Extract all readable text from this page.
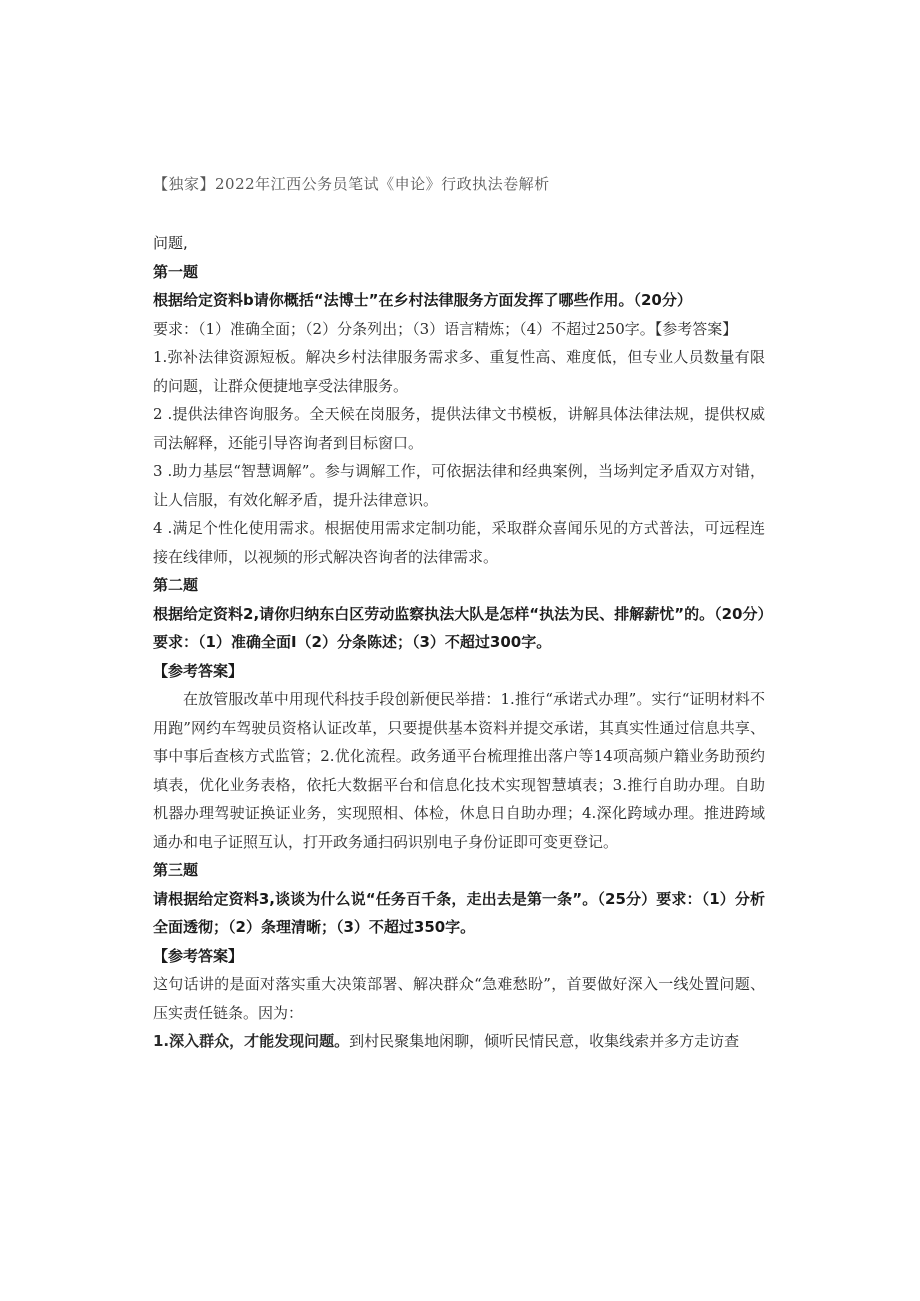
【独家】2022年江西公务员笔试《申论》行政执法卷解析

问题,

第一题

根据给定资料b请你概括“法博士”在乡村法律服务方面发挥了哪些作用。（20分）

要求：（1）准确全面；（2）分条列出；（3）语言精炼；（4）不超过250字。【参考答案】

1.弥补法律资源短板。解决乡村法律服务需求多、重复性高、难度低，但专业人员数量有限的问题，让群众便捷地享受法律服务。

2 .提供法律咨询服务。全天候在岗服务，提供法律文书模板，讲解具体法律法规，提供权威司法解释，还能引导咨询者到目标窗口。

3 .助力基层“智慧调解”。参与调解工作，可依据法律和经典案例，当场判定矛盾双方对错，让人信服，有效化解矛盾，提升法律意识。

4 .满足个性化使用需求。根据使用需求定制功能，采取群众喜闻乐见的方式普法，可远程连接在线律师，以视频的形式解决咨询者的法律需求。

第二题

根据给定资料2,请你归纳东白区劳动监察执法大队是怎样“执法为民、排解薪忧”的。（20分）要求：（1）准确全面I（2）分条陈述；（3）不超过300字。

【参考答案】

在放管服改革中用现代科技手段创新便民举措：1.推行“承诺式办理”。实行“证明材料不用跑”网约车驾驶员资格认证改革，只要提供基本资料并提交承诺，其真实性通过信息共享、事中事后查核方式监管；2.优化流程。政务通平台梳理推出落户等14项高频户籍业务助预约填表，优化业务表格，依托大数据平台和信息化技术实现智慧填表；3.推行自助办理。自助机器办理驾驶证换证业务，实现照相、体检，休息日自助办理；4.深化跨域办理。推进跨域通办和电子证照互认，打开政务通扫码识别电子身份证即可变更登记。

第三题

请根据给定资料3,谈谈为什么说“任务百千条，走出去是第一条”。（25分）要求：（1）分析全面透彻；（2）条理清晰；（3）不超过350字。

【参考答案】

这句话讲的是面对落实重大决策部署、解决群众“急难愁盼”，首要做好深入一线处置问题、压实责任链条。因为：

1.深入群众，才能发现问题。到村民聚集地闲聊，倾听民情民意，收集线索并多方走访查
